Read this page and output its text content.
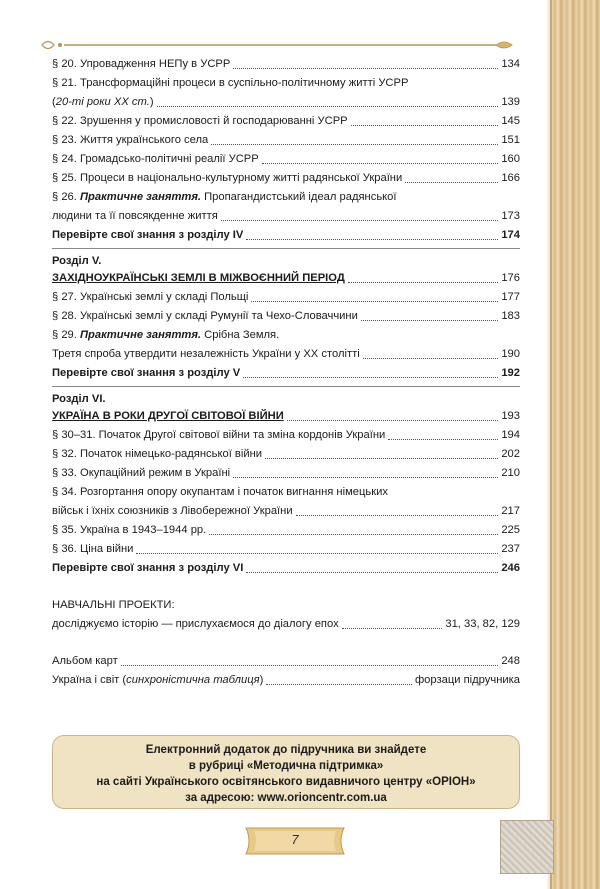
§ 20. Упровадження НЕПу в УСРР	134
§ 21. Трансформаційні процеси в суспільно-політичному житті УСРР
(20-ті роки XX ст.)	139
§ 22. Зрушення у промисловості й господарюванні УСРР	145
§ 23. Життя українського села	151
§ 24. Громадсько-політичні реалії УСРР	160
§ 25. Процеси в національно-культурному житті радянської України	166
§ 26. Практичне заняття. Пропагандистський ідеал радянської
людини та її повсякденне життя	173
Перевірте свої знання з розділу IV	174
Розділ V.
ЗАХІДНОУКРАЇНСЬКІ ЗЕМЛІ В МІЖВОЄННИЙ ПЕРІОД	176
§ 27. Українські землі у складі Польщі	177
§ 28. Українські землі у складі Румунії та Чехо-Словаччини	183
§ 29. Практичне заняття. Срібна Земля.
Третя спроба утвердити незалежність України у ХХ столітті	190
Перевірте свої знання з розділу V	192
Розділ VI.
УКРАЇНА В РОКИ ДРУГОЇ СВІТОВОЇ ВІЙНИ	193
§ 30–31. Початок Другої світової війни та зміна кордонів України	194
§ 32. Початок німецько-радянської війни	202
§ 33. Окупаційний режим в Україні	210
§ 34. Розгортання опору окупантам і початок вигнання німецьких
військ і їхніх союзників з Лівобережної України	217
§ 35. Україна в 1943–1944 рр.	225
§ 36. Ціна війни	237
Перевірте свої знання з розділу VI	246
НАВЧАЛЬНІ ПРОЕКТИ:
досліджуємо історію — прислухаємося до діалогу епох	31, 33, 82, 129
Альбом карт	248
Україна і світ (синхроністична таблиця)	форзаци підручника
Електронний додаток до підручника ви знайдете
в рубриці «Методична підтримка»
на сайті Українського освітянського видавничого центру «ОРІОН»
за адресою: www.orioncentr.com.ua
7
